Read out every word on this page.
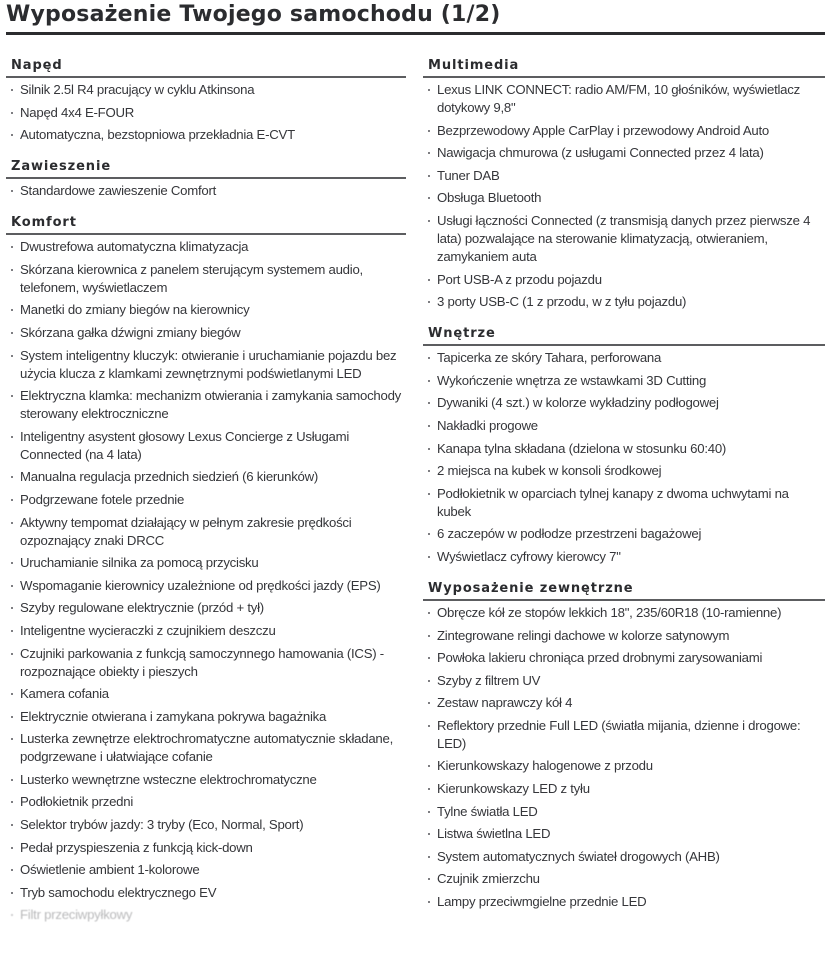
Wyposażenie Twojego samochodu (1/2)
Napęd
Silnik 2.5l R4 pracujący w cyklu Atkinsona
Napęd 4x4 E-FOUR
Automatyczna, bezstopniowa przekładnia E-CVT
Zawieszenie
Standardowe zawieszenie Comfort
Komfort
Dwustrefowa automatyczna klimatyzacja
Skórzana kierownica z panelem sterującym systemem audio, telefonem, wyświetlaczem
Manetki do zmiany biegów na kierownicy
Skórzana gałka dźwigni zmiany biegów
System inteligentny kluczyk: otwieranie i uruchamianie pojazdu bez użycia klucza z klamkami zewnętrznymi podświetlanymi LED
Elektryczna klamka: mechanizm otwierania i zamykania samochody sterowany elektroczniczne
Inteligentny asystent głosowy Lexus Concierge z Usługami Connected (na 4 lata)
Manualna regulacja przednich siedzień (6 kierunków)
Podgrzewane fotele przednie
Aktywny tempomat działający w pełnym zakresie prędkości ozpoznający znaki DRCC
Uruchamianie silnika za pomocą przycisku
Wspomaganie kierownicy uzależnione od prędkości jazdy (EPS)
Szyby regulowane elektrycznie (przód + tył)
Inteligentne wycieraczki z czujnikiem deszczu
Czujniki parkowania z funkcją samoczynnego hamowania (ICS) - rozpoznające obiekty i pieszych
Kamera cofania
Elektrycznie otwierana i zamykana pokrywa bagażnika
Lusterka zewnętrze elektrochromatyczne automatycznie składane, podgrzewane i ułatwiające cofanie
Lusterko wewnętrzne wsteczne elektrochromatyczne
Podłokietnik przedni
Selektor trybów jazdy: 3 tryby (Eco, Normal, Sport)
Pedał przyspieszenia z funkcją kick-down
Oświetlenie ambient 1-kolorowe
Tryb samochodu elektrycznego EV
Filtr przeciwpyłkowy
Multimedia
Lexus LINK CONNECT: radio AM/FM, 10 głośników, wyświetlacz dotykowy 9,8"
Bezprzewodowy Apple CarPlay i przewodowy Android Auto
Nawigacja chmurowa (z usługami Connected przez 4 lata)
Tuner DAB
Obsługa Bluetooth
Usługi łączności Connected (z transmisją danych przez pierwsze 4 lata) pozwalające na sterowanie klimatyzacją, otwieraniem, zamykaniem auta
Port USB-A z przodu pojazdu
3 porty USB-C (1 z przodu, w z tyłu pojazdu)
Wnętrze
Tapicerka ze skóry Tahara, perforowana
Wykończenie wnętrza ze wstawkami 3D Cutting
Dywaniki (4 szt.) w kolorze wykładziny podłogowej
Nakładki progowe
Kanapa tylna składana (dzielona w stosunku 60:40)
2 miejsca na kubek w konsoli środkowej
Podłokietnik w oparciach tylnej kanapy z dwoma uchwytami na kubek
6 zaczepów w podłodze przestrzeni bagażowej
Wyświetlacz cyfrowy kierowcy 7"
Wyposażenie zewnętrzne
Obręcze kół ze stopów lekkich 18", 235/60R18 (10-ramienne)
Zintegrowane relingi dachowe w kolorze satynowym
Powłoka lakieru chroniąca przed drobnymi zarysowaniami
Szyby z filtrem UV
Zestaw naprawczy kół 4
Reflektory przednie Full LED (światła mijania, dzienne i drogowe: LED)
Kierunkowskazy halogenowe z przodu
Kierunkowskazy LED z tyłu
Tylne światła LED
Listwa świetlna LED
System automatycznych świateł drogowych (AHB)
Czujnik zmierzchu
Lampy przeciwmgielne przednie LED
